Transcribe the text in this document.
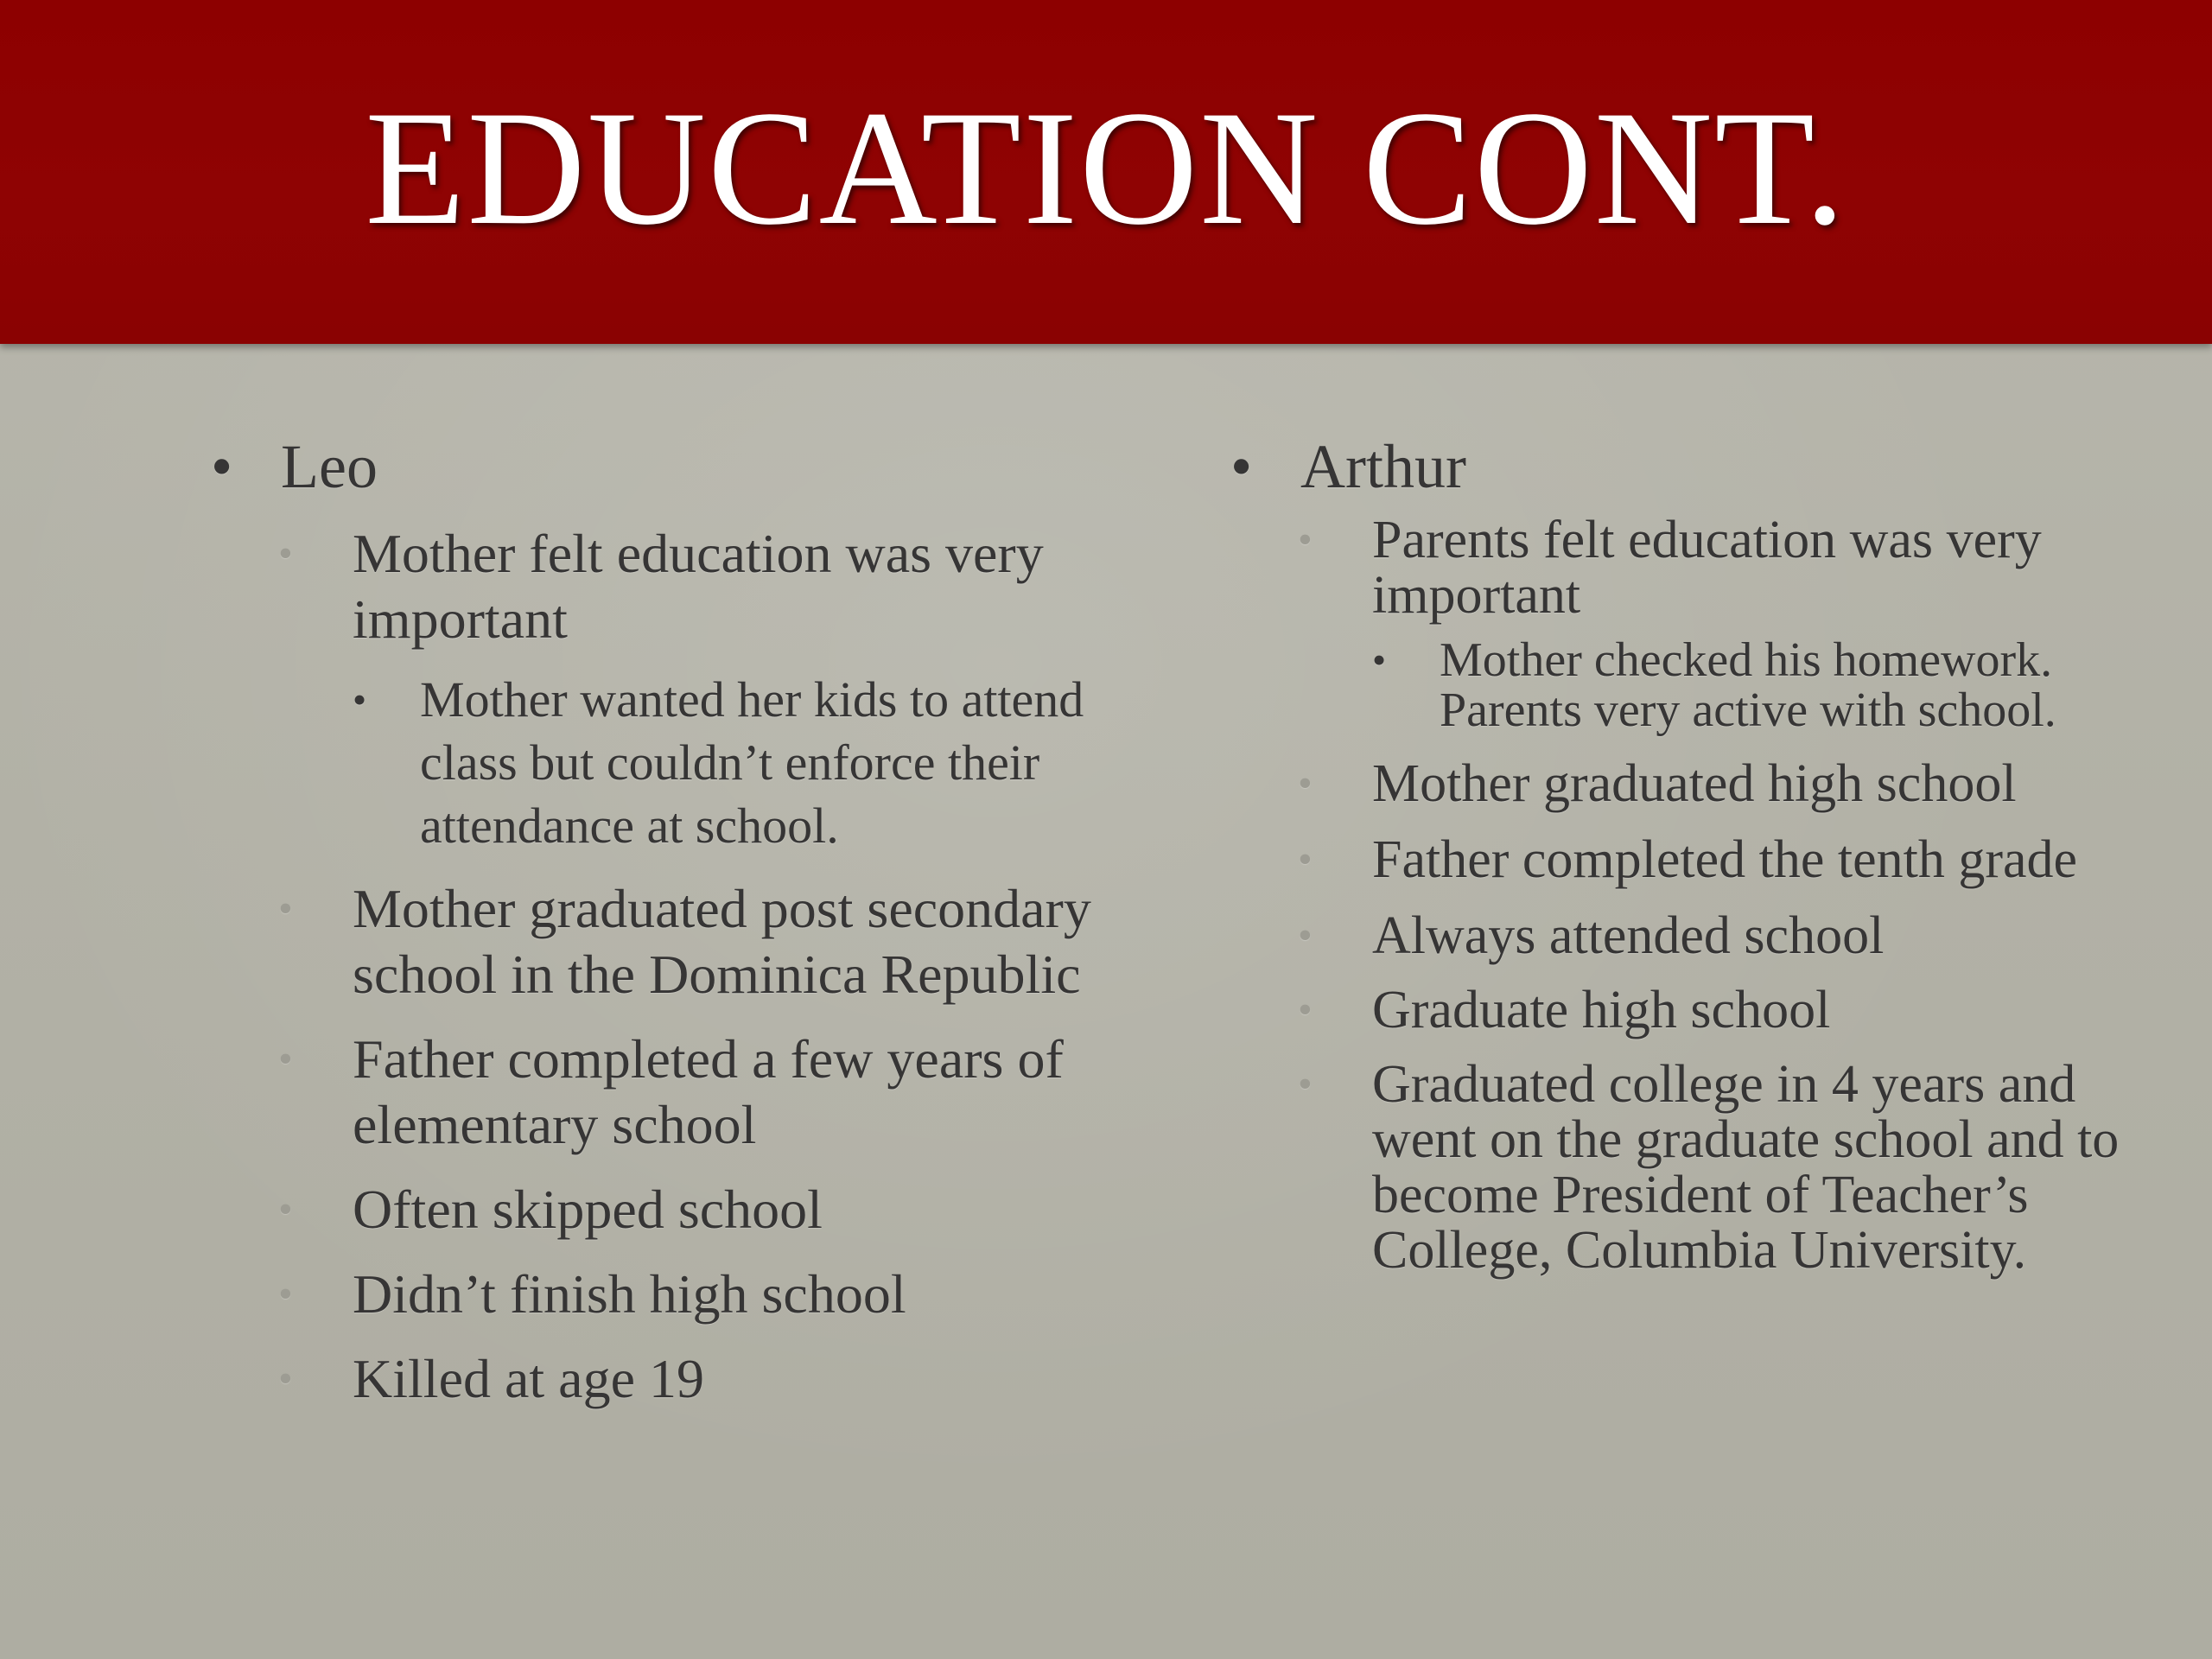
EDUCATION CONT.
• Leo
• Mother felt education was very important
• Mother wanted her kids to attend class but couldn’t enforce their attendance at school.
• Mother graduated post secondary school in the Dominica Republic
• Father completed a few years of elementary school
• Often skipped school
• Didn’t finish high school
• Killed at age 19
• Arthur
• Parents felt education was very important
• Mother checked his homework. Parents very active with school.
• Mother graduated high school
• Father completed the tenth grade
• Always attended school
• Graduate high school
• Graduated college in 4 years and went on the graduate school and to become President of Teacher’s College, Columbia University.
